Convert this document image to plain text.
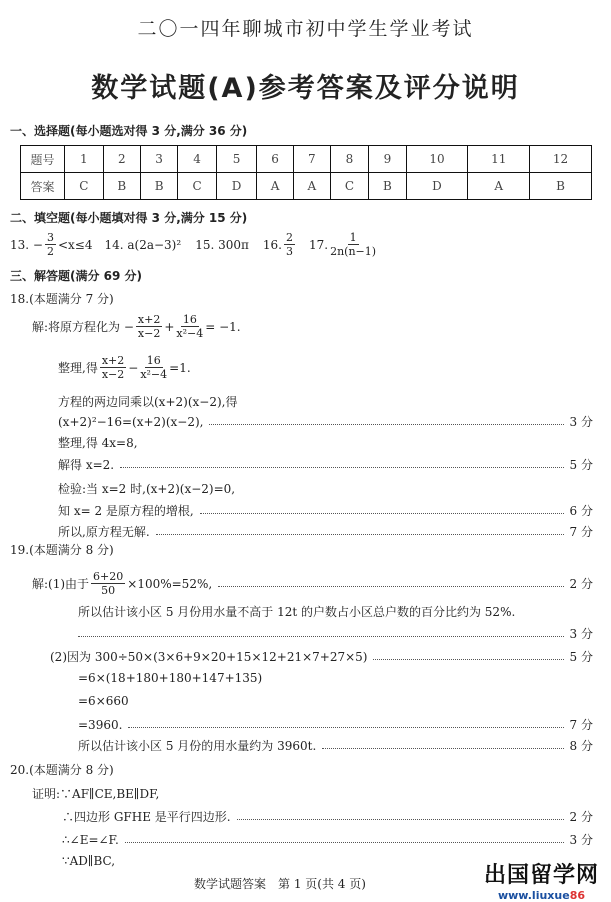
二〇一四年聊城市初中学生学业考试
数学试题(A)参考答案及评分说明
一、选择题(每小题选对得 3 分,满分 36 分)
题号	1	2	3	4	5	6	7	8	9	10	11	12
答案	C	B	B	C	D	A	A	C	B	D	A	B
二、填空题(每小题填对得 3 分,满分 15 分)
13. − $\frac{3}{2} <x\le 4$ 14. a(2a−3)² 15. 300π 16. $\frac{2}{3} 17$. $\frac{1}{2n(n-1)}$
三、解答题(满分 69 分)
18.(本题满分 7 分)
解:将原方程化为 − $\frac{x+2}{x-2} + \frac{16}{\text{x²−4}} = -1$.
整理,得 $\frac{x+2}{x-2} - \frac{16}{\text{x²−4}} =1$.
方程的两边同乘以(x+2)(x−2),得
(x+2)²−16=(x+2)(x−2),	3 分
整理,得 4x=8,
解得 x=2.	5 分
检验:当 x=2 时,(x+2)(x−2)=0,
知 x= 2 是原方程的增根,	6 分
所以,原方程无解.	7 分
19.(本题满分 8 分)
解:(1)由于 $\frac{6+20}{50} \times 100\%=52\%$,	2 分
所以估计该小区 5 月份用水量不高于 12t 的户数占小区总户数的百分比约为 52%.
3 分
(2)因为 300÷50×(3×6+9×20+15×12+21×7+27×5)	5 分
=6×(18+180+180+147+135)
=6×660
=3960.	7 分
所以估计该小区 5 月份的用水量约为 3960t.	8 分
20.(本题满分 8 分)
证明:∵AF∥CE,BE∥DF,
∴四边形 GFHE 是平行四边形.	2 分
∴∠E=∠F.	3 分
∵AD∥BC,
数学试题答案　第 1 页(共 4 页)	出国留学网
www.liuxue86
